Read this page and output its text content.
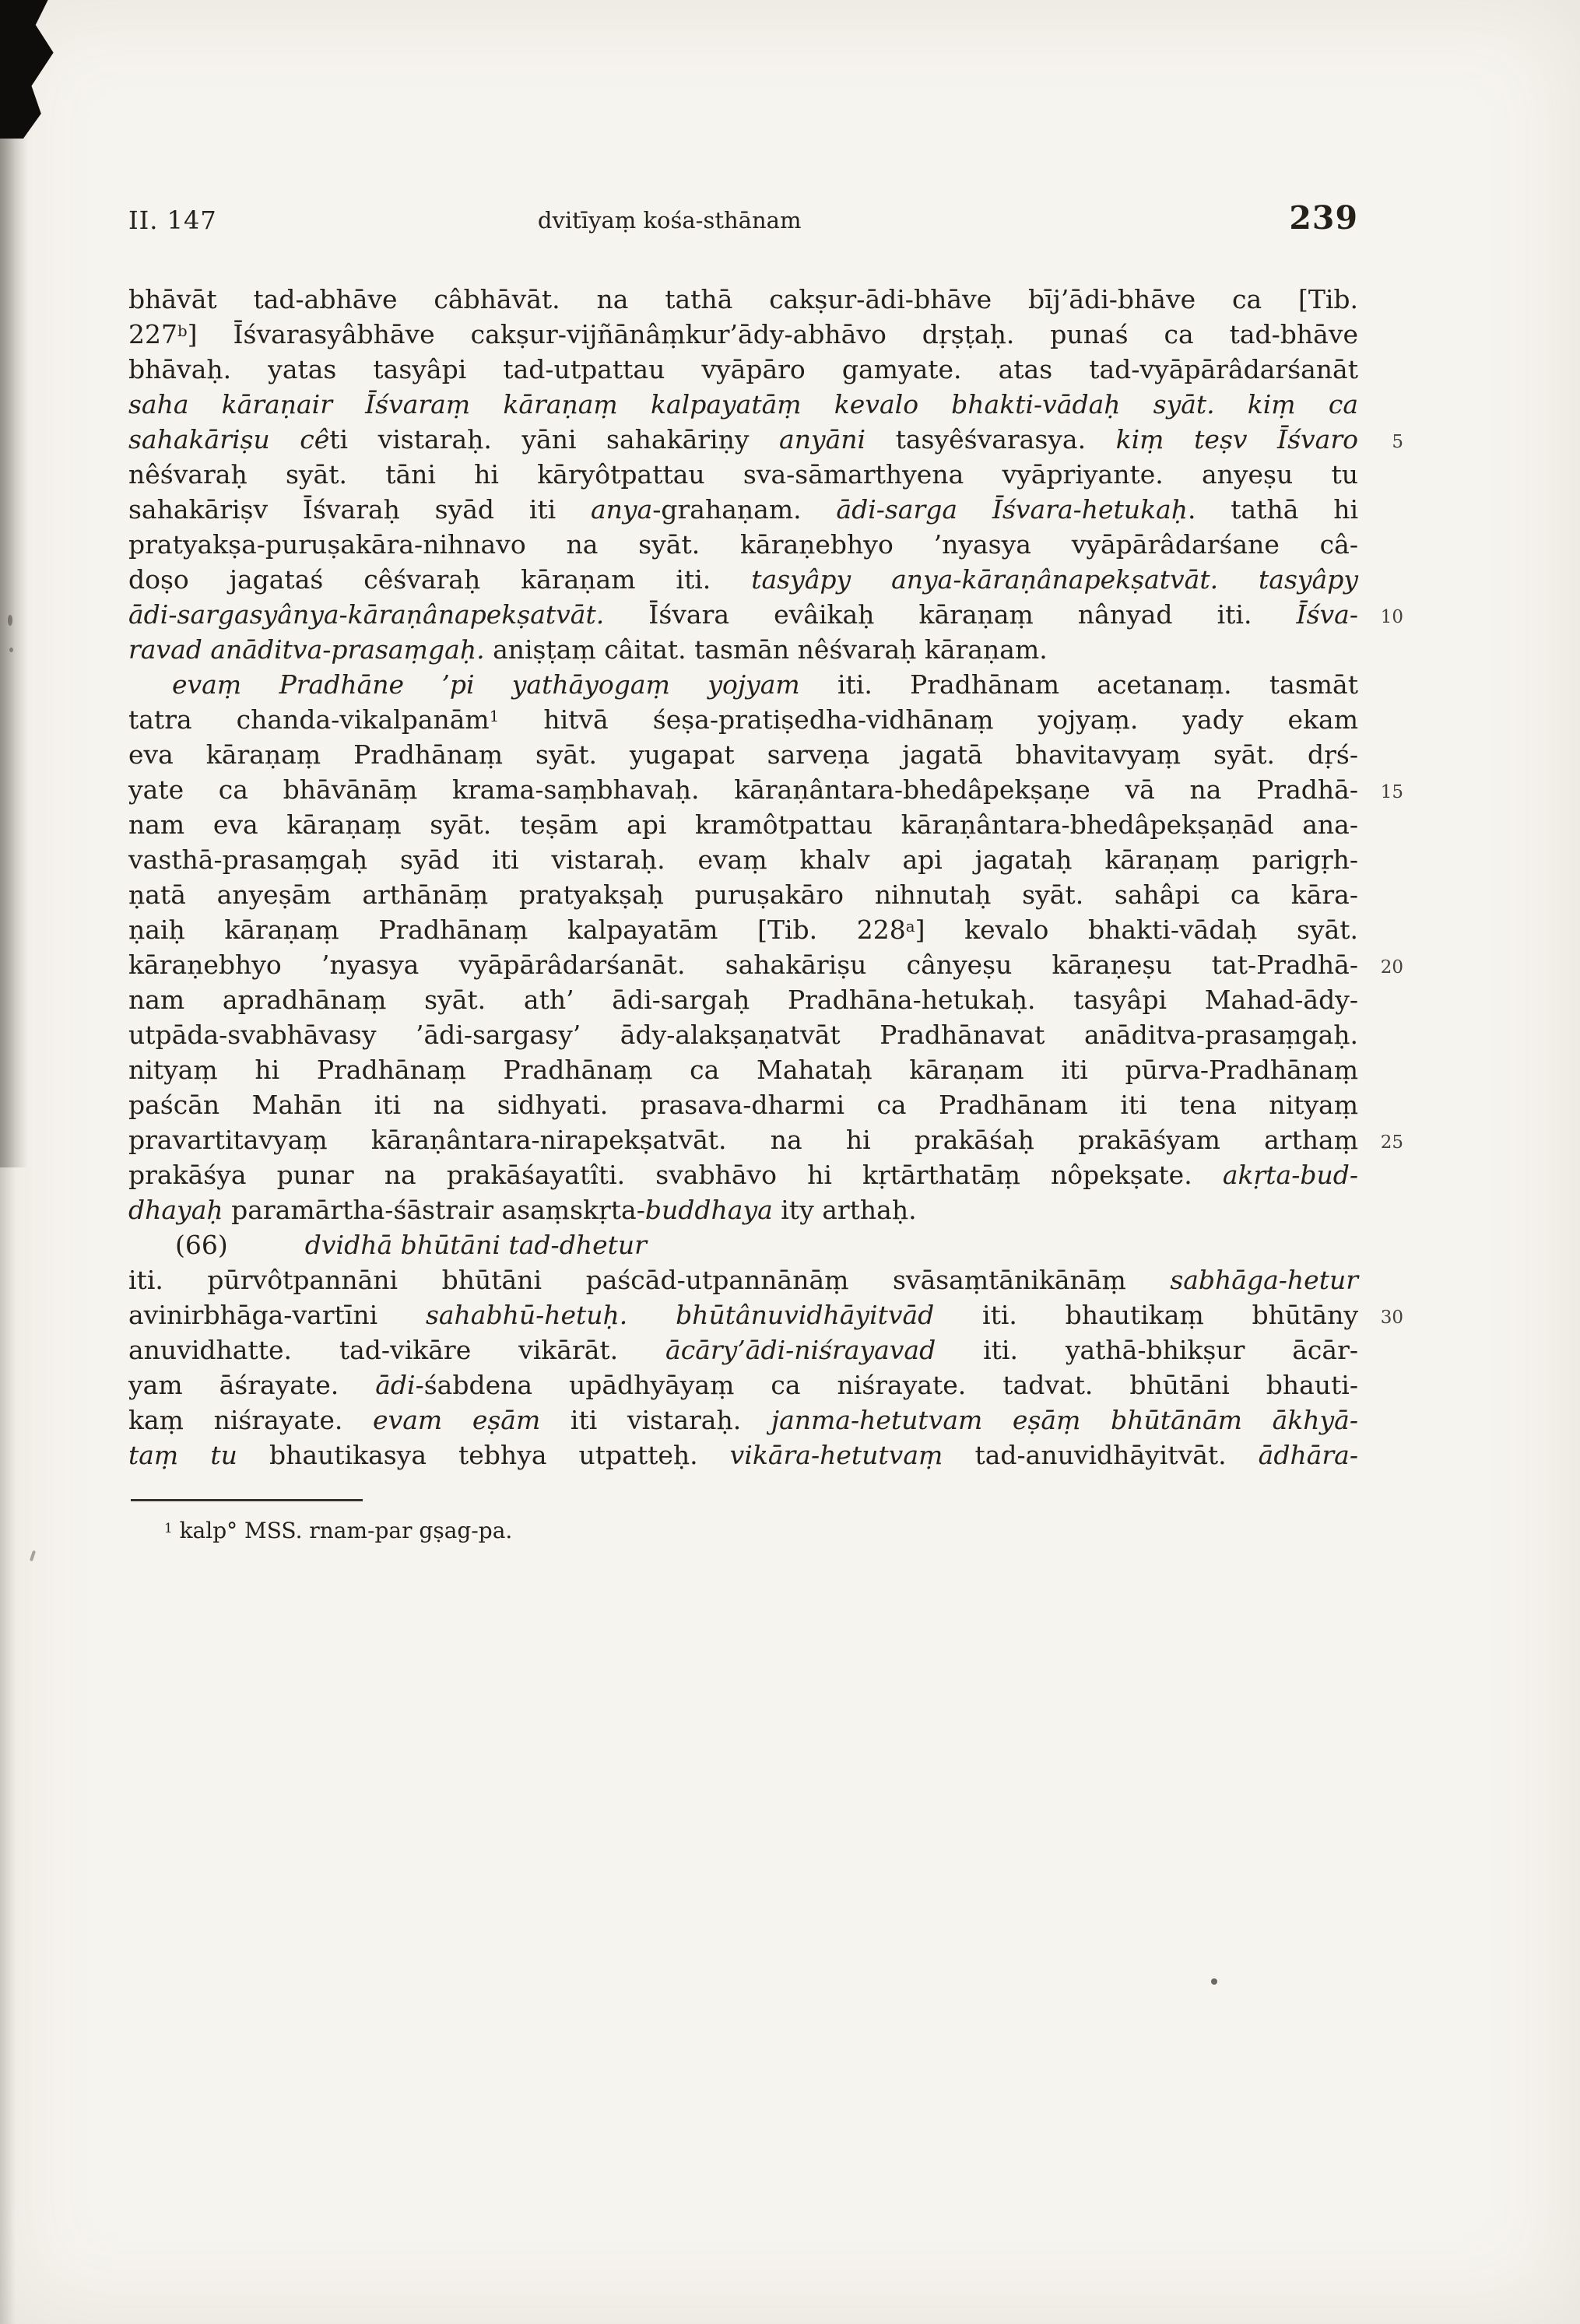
II. 147	dvitīyaṃ kośa-sthānam	239
bhāvāt tad-abhāve câbhāvāt. na tathā cakṣur-ādi-bhāve bīj’ādi-bhāve ca [Tib.
227$^b$] Īśvarasyâbhāve cakṣur-vijñānâṃkur’ādy-abhāvo dṛṣṭaḥ. punaś ca tad-bhāve
bhāvaḥ. yatas tasyâpi tad-utpattau vyāpāro gamyate. atas tad-vyāpārâdarśanāt
saha kāraṇair Īśvaraṃ kāraṇaṃ kalpayatāṃ kevalo bhakti-vādaḥ syāt. kiṃ ca
sahakāriṣu cêti vistaraḥ. yāni sahakāriṇy anyāni tasyêśvarasya. kiṃ teṣv Īśvaro 5
nêśvaraḥ syāt. tāni hi kāryôtpattau sva-sāmarthyena vyāpriyante. anyeṣu tu
sahakāriṣv Īśvaraḥ syād iti anya-grahaṇam. ādi-sarga Īśvara-hetukaḥ. tathā hi
pratyakṣa-puruṣakāra-nihnavo na syāt. kāraṇebhyo ’nyasya vyāpārâdarśane câ-
doṣo jagataś cêśvaraḥ kāraṇam iti. tasyâpy anya-kāraṇânapekṣatvāt. tasyâpy
ādi-sargasyânya-kāraṇânapekṣatvāt. Īśvara evâikaḥ kāraṇaṃ nânyad iti. Īśva- 10
ravad anāditva-prasaṃgaḥ. aniṣṭaṃ câitat. tasmān nêśvaraḥ kāraṇam.
evaṃ Pradhāne ’pi yathāyogaṃ yojyam iti. Pradhānam acetanaṃ. tasmāt
tatra chanda-vikalpanām$^1$ hitvā śeṣa-pratiṣedha-vidhānaṃ yojyaṃ. yady ekam
eva kāraṇaṃ Pradhānaṃ syāt. yugapat sarveṇa jagatā bhavitavyaṃ syāt. dṛś-
yate ca bhāvānāṃ krama-saṃbhavaḥ. kāraṇântara-bhedâpekṣaṇe vā na Pradhā- 15
nam eva kāraṇaṃ syāt. teṣām api kramôtpattau kāraṇântara-bhedâpekṣaṇād ana-
vasthā-prasaṃgaḥ syād iti vistaraḥ. evaṃ khalv api jagataḥ kāraṇaṃ parigṛh-
ṇatā anyeṣām arthānāṃ pratyakṣaḥ puruṣakāro nihnutaḥ syāt. sahâpi ca kāra-
ṇaiḥ kāraṇaṃ Pradhānaṃ kalpayatām [Tib. 228$^a$] kevalo bhakti-vādaḥ syāt.
kāraṇebhyo ’nyasya vyāpārâdarśanāt. sahakāriṣu cânyeṣu kāraṇeṣu tat-Pradhā- 20
nam apradhānaṃ syāt. ath’ ādi-sargaḥ Pradhāna-hetukaḥ. tasyâpi Mahad-ādy-
utpāda-svabhāvasy ’ādi-sargasy’ ādy-alakṣaṇatvāt Pradhānavat anāditva-prasaṃgaḥ.
nityaṃ hi Pradhānaṃ Pradhānaṃ ca Mahataḥ kāraṇam iti pūrva-Pradhānaṃ
paścān Mahān iti na sidhyati. prasava-dharmi ca Pradhānam iti tena nityaṃ
pravartitavyaṃ kāraṇântara-nirapekṣatvāt. na hi prakāśaḥ prakāśyam arthaṃ 25
prakāśya punar na prakāśayatîti. svabhāvo hi kṛtārthatāṃ nôpekṣate. akṛta-bud-
dhayaḥ paramārtha-śāstrair asaṃskṛta-buddhaya ity arthaḥ.
(66)   	dvidhā bhūtāni tad-dhetur
iti. pūrvôtpannāni bhūtāni paścād-utpannānāṃ svāsaṃtānikānāṃ sabhāga-hetur
avinirbhāga-vartīni sahabhū-hetuḥ. bhūtânuvidhāyitvād iti. bhautikaṃ bhūtāny 30
anuvidhatte. tad-vikāre vikārāt. ācāry’ādi-niśrayavad iti. yathā-bhikṣur ācār-
yam āśrayate. ādi-śabdena upādhyāyaṃ ca niśrayate. tadvat. bhūtāni bhauti-
kaṃ niśrayate. evam eṣām iti vistaraḥ. janma-hetutvam eṣāṃ bhūtānām ākhyā-
taṃ tu bhautikasya tebhya utpatteḥ. vikāra-hetutvaṃ tad-anuvidhāyitvāt. ādhāra-
$^1$ kalp° MSS. rnam-par gṣag-pa.
